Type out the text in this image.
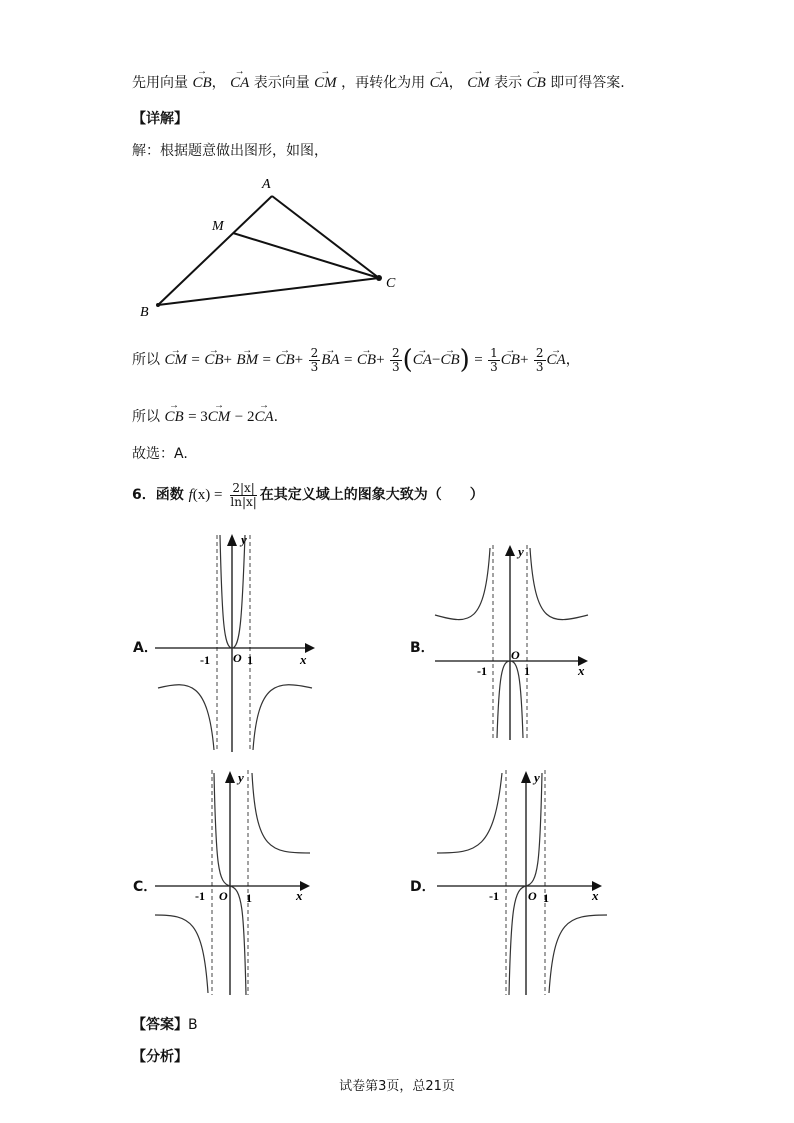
先用向量 → CB， → CA 表示向量 → CM ，再转化为用 → CA， → CM 表示 → CB 即可得答案.
【详解】
解：根据题意做出图形，如图，
A
M
C
B
所以 → CM = → CB+ → BM = → $CB+ \frac{2}{3}$ → BA = → $CB+ \frac{2}{3}$ (→ $CA-\to CB) = \frac{1}{3} \to CB+ \frac{2}{3}$ → CA，
所以 → CB = 3→ CM − 2→ CA.
故选：A.
6．函数 $f(x) = \frac{2|x|}{\ln|x|}$ 在其定义域上的图象大致为（　　）
A．
y
x
O
-1	1
B．
y
x
O
-1	1
C．
y
x
O
-1	1
D．
y
x
O
-1	1
【答案】B
【分析】
试卷第3页，总21页
